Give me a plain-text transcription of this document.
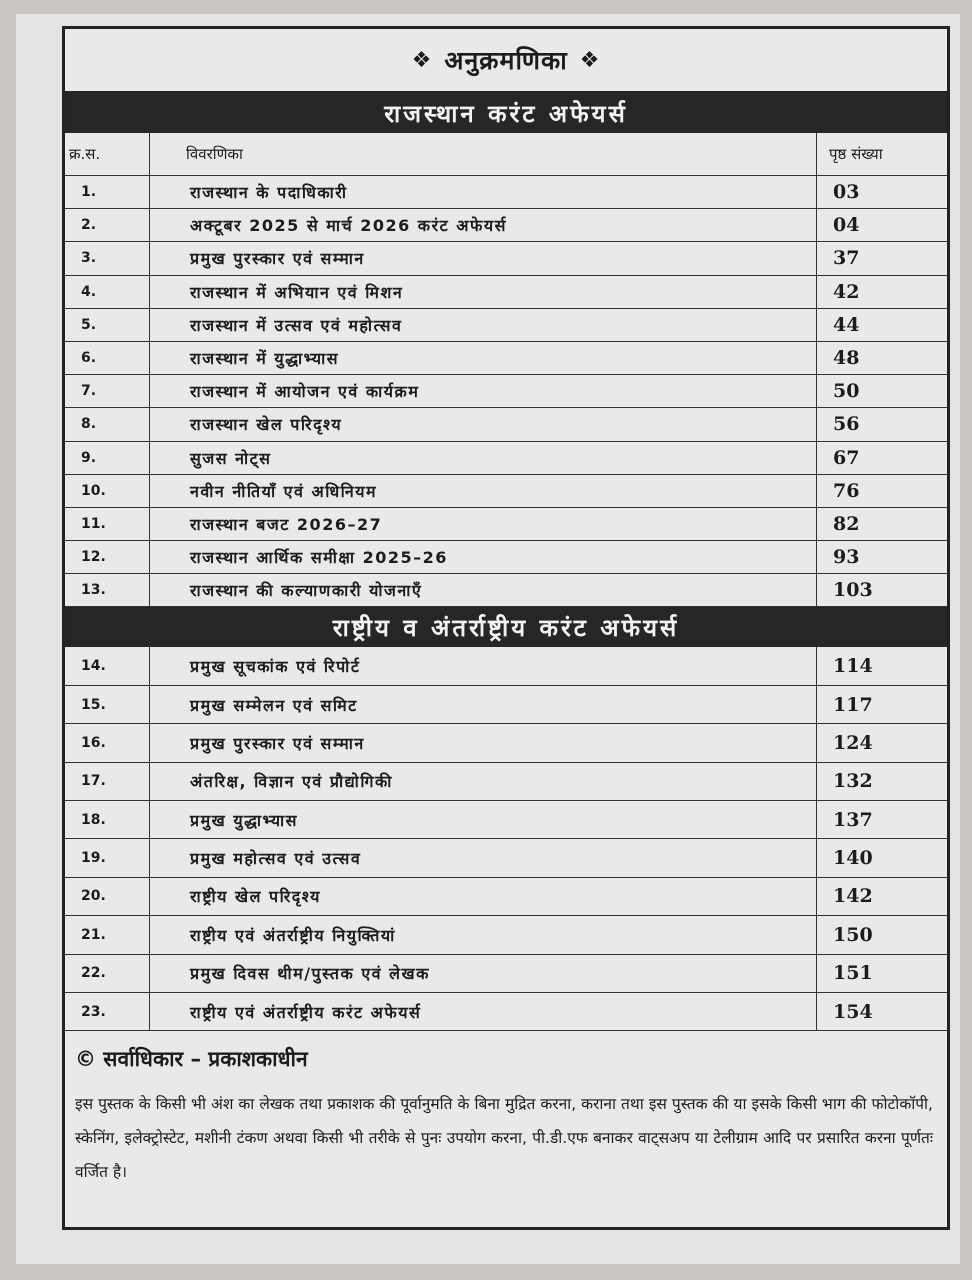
❖ अनुक्रमणिका ❖
राजस्थान करंट अफेयर्स
क्र.स.	विवरणिका	पृष्ठ संख्या
1.	राजस्थान के पदाधिकारी	03
2.	अक्टूबर 2025 से मार्च 2026 करंट अफेयर्स	04
3.	प्रमुख पुरस्कार एवं सम्मान	37
4.	राजस्थान में अभियान एवं मिशन	42
5.	राजस्थान में उत्सव एवं महोत्सव	44
6.	राजस्थान में युद्धाभ्यास	48
7.	राजस्थान में आयोजन एवं कार्यक्रम	50
8.	राजस्थान खेल परिदृश्य	56
9.	सुजस नोट्स	67
10.	नवीन नीतियाँ एवं अधिनियम	76
11.	राजस्थान बजट 2026–27	82
12.	राजस्थान आर्थिक समीक्षा 2025–26	93
13.	राजस्थान की कल्याणकारी योजनाएँ	103
राष्ट्रीय व अंतर्राष्ट्रीय करंट अफेयर्स
14.	प्रमुख सूचकांक एवं रिपोर्ट	114
15.	प्रमुख सम्मेलन एवं समिट	117
16.	प्रमुख पुरस्कार एवं सम्मान	124
17.	अंतरिक्ष, विज्ञान एवं प्रौद्योगिकी	132
18.	प्रमुख युद्धाभ्यास	137
19.	प्रमुख महोत्सव एवं उत्सव	140
20.	राष्ट्रीय खेल परिदृश्य	142
21.	राष्ट्रीय एवं अंतर्राष्ट्रीय नियुक्तियां	150
22.	प्रमुख दिवस थीम/पुस्तक एवं लेखक	151
23.	राष्ट्रीय एवं अंतर्राष्ट्रीय करंट अफेयर्स	154
© सर्वाधिकार – प्रकाशकाधीन
इस पुस्तक के किसी भी अंश का लेखक तथा प्रकाशक की पूर्वानुमति के बिना मुद्रित करना, कराना तथा इस पुस्तक की या इसके किसी भाग की फोटोकॉपी, स्केनिंग, इलेक्ट्रोस्टेट, मशीनी टंकण अथवा किसी भी तरीके से पुनः उपयोग करना, पी.डी.एफ बनाकर वाट्सअप या टेलीग्राम आदि पर प्रसारित करना पूर्णतः वर्जित है।
